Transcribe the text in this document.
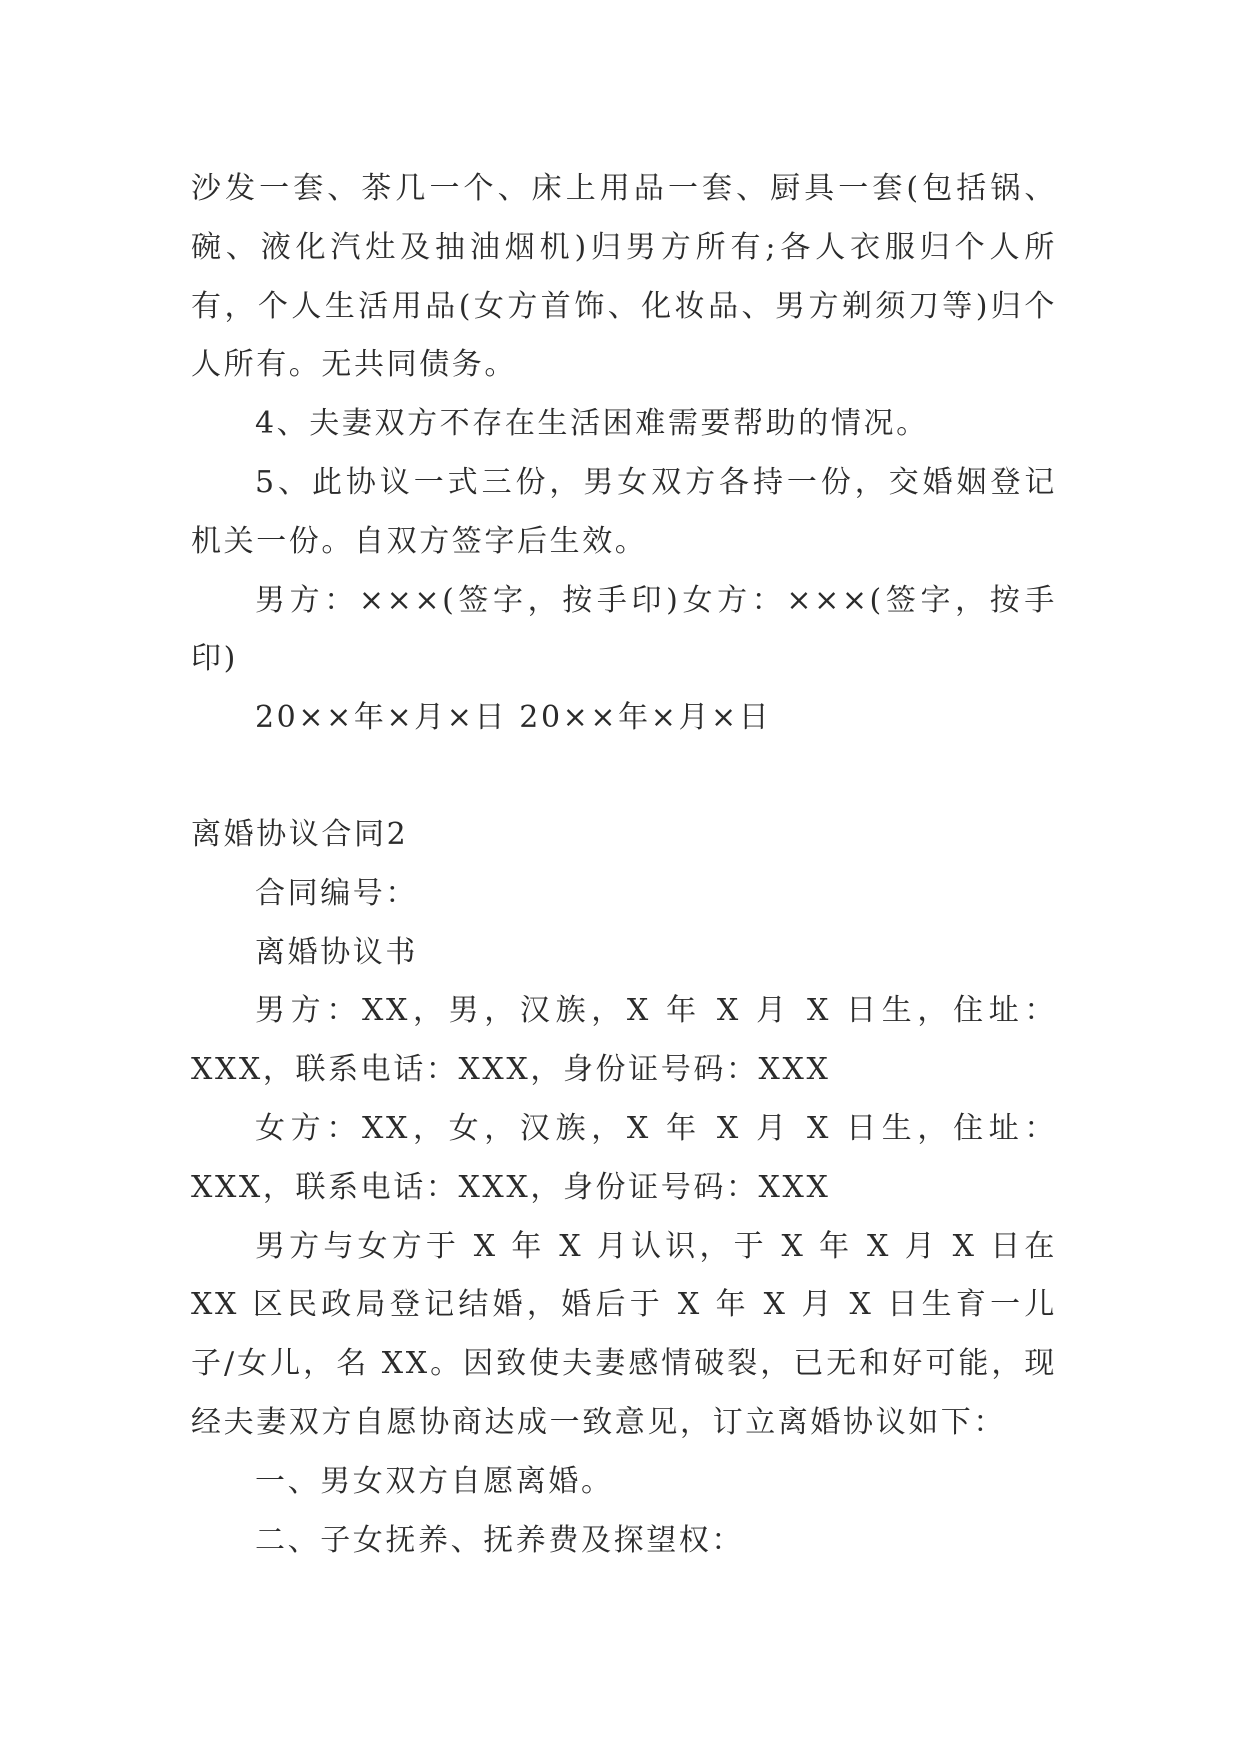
沙发一套、茶几一个、床上用品一套、厨具一套(包括锅、碗、液化汽灶及抽油烟机)归男方所有;各人衣服归个人所有，个人生活用品(女方首饰、化妆品、男方剃须刀等)归个人所有。无共同债务。

4、夫妻双方不存在生活困难需要帮助的情况。

5、此协议一式三份，男女双方各持一份，交婚姻登记机关一份。自双方签字后生效。

男方：×××(签字，按手印)女方：×××(签字，按手印)

20××年×月×日 20××年×月×日

离婚协议合同2

合同编号：

离婚协议书

男方：XX，男，汉族，X 年 X 月 X 日生，住址：XXX，联系电话：XXX，身份证号码：XXX

女方：XX，女，汉族，X 年 X 月 X 日生，住址：XXX，联系电话：XXX，身份证号码：XXX

男方与女方于 X 年 X 月认识，于 X 年 X 月 X 日在 XX 区民政局登记结婚，婚后于 X 年 X 月 X 日生育一儿子/女儿，名 XX。因致使夫妻感情破裂，已无和好可能，现经夫妻双方自愿协商达成一致意见，订立离婚协议如下：

一、男女双方自愿离婚。

二、子女抚养、抚养费及探望权：
